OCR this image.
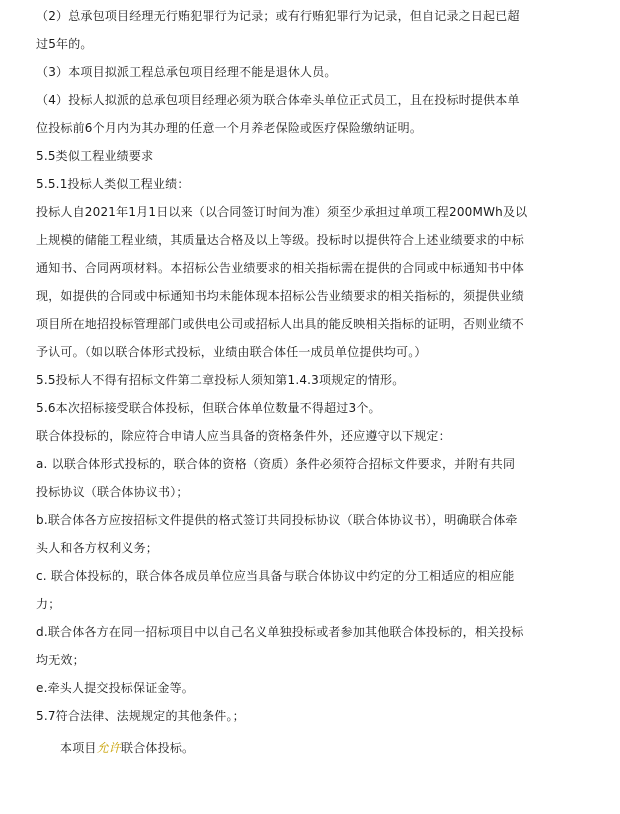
（2）总承包项目经理无行贿犯罪行为记录；或有行贿犯罪行为记录，但自记录之日起已超
过5年的。
（3）本项目拟派工程总承包项目经理不能是退休人员。
（4）投标人拟派的总承包项目经理必须为联合体牵头单位正式员工，且在投标时提供本单
位投标前6个月内为其办理的任意一个月养老保险或医疗保险缴纳证明。
5.5类似工程业绩要求
5.5.1投标人类似工程业绩：
投标人自2021年1月1日以来（以合同签订时间为准）须至少承担过单项工程200MWh及以
上规模的储能工程业绩，其质量达合格及以上等级。投标时以提供符合上述业绩要求的中标
通知书、合同两项材料。本招标公告业绩要求的相关指标需在提供的合同或中标通知书中体
现，如提供的合同或中标通知书均未能体现本招标公告业绩要求的相关指标的，须提供业绩
项目所在地招投标管理部门或供电公司或招标人出具的能反映相关指标的证明，否则业绩不
予认可。（如以联合体形式投标，业绩由联合体任一成员单位提供均可。）
5.5投标人不得有招标文件第二章投标人须知第1.4.3项规定的情形。
5.6本次招标接受联合体投标，但联合体单位数量不得超过3个。
联合体投标的，除应符合申请人应当具备的资格条件外，还应遵守以下规定：
a. 以联合体形式投标的，联合体的资格（资质）条件必须符合招标文件要求，并附有共同
投标协议（联合体协议书）；
b.联合体各方应按招标文件提供的格式签订共同投标协议（联合体协议书），明确联合体牵
头人和各方权利义务；
c. 联合体投标的，联合体各成员单位应当具备与联合体协议中约定的分工相适应的相应能
力；
d.联合体各方在同一招标项目中以自己名义单独投标或者参加其他联合体投标的，相关投标
均无效；
e.牵头人提交投标保证金等。
5.7符合法律、法规规定的其他条件。；
本项目允许联合体投标。
